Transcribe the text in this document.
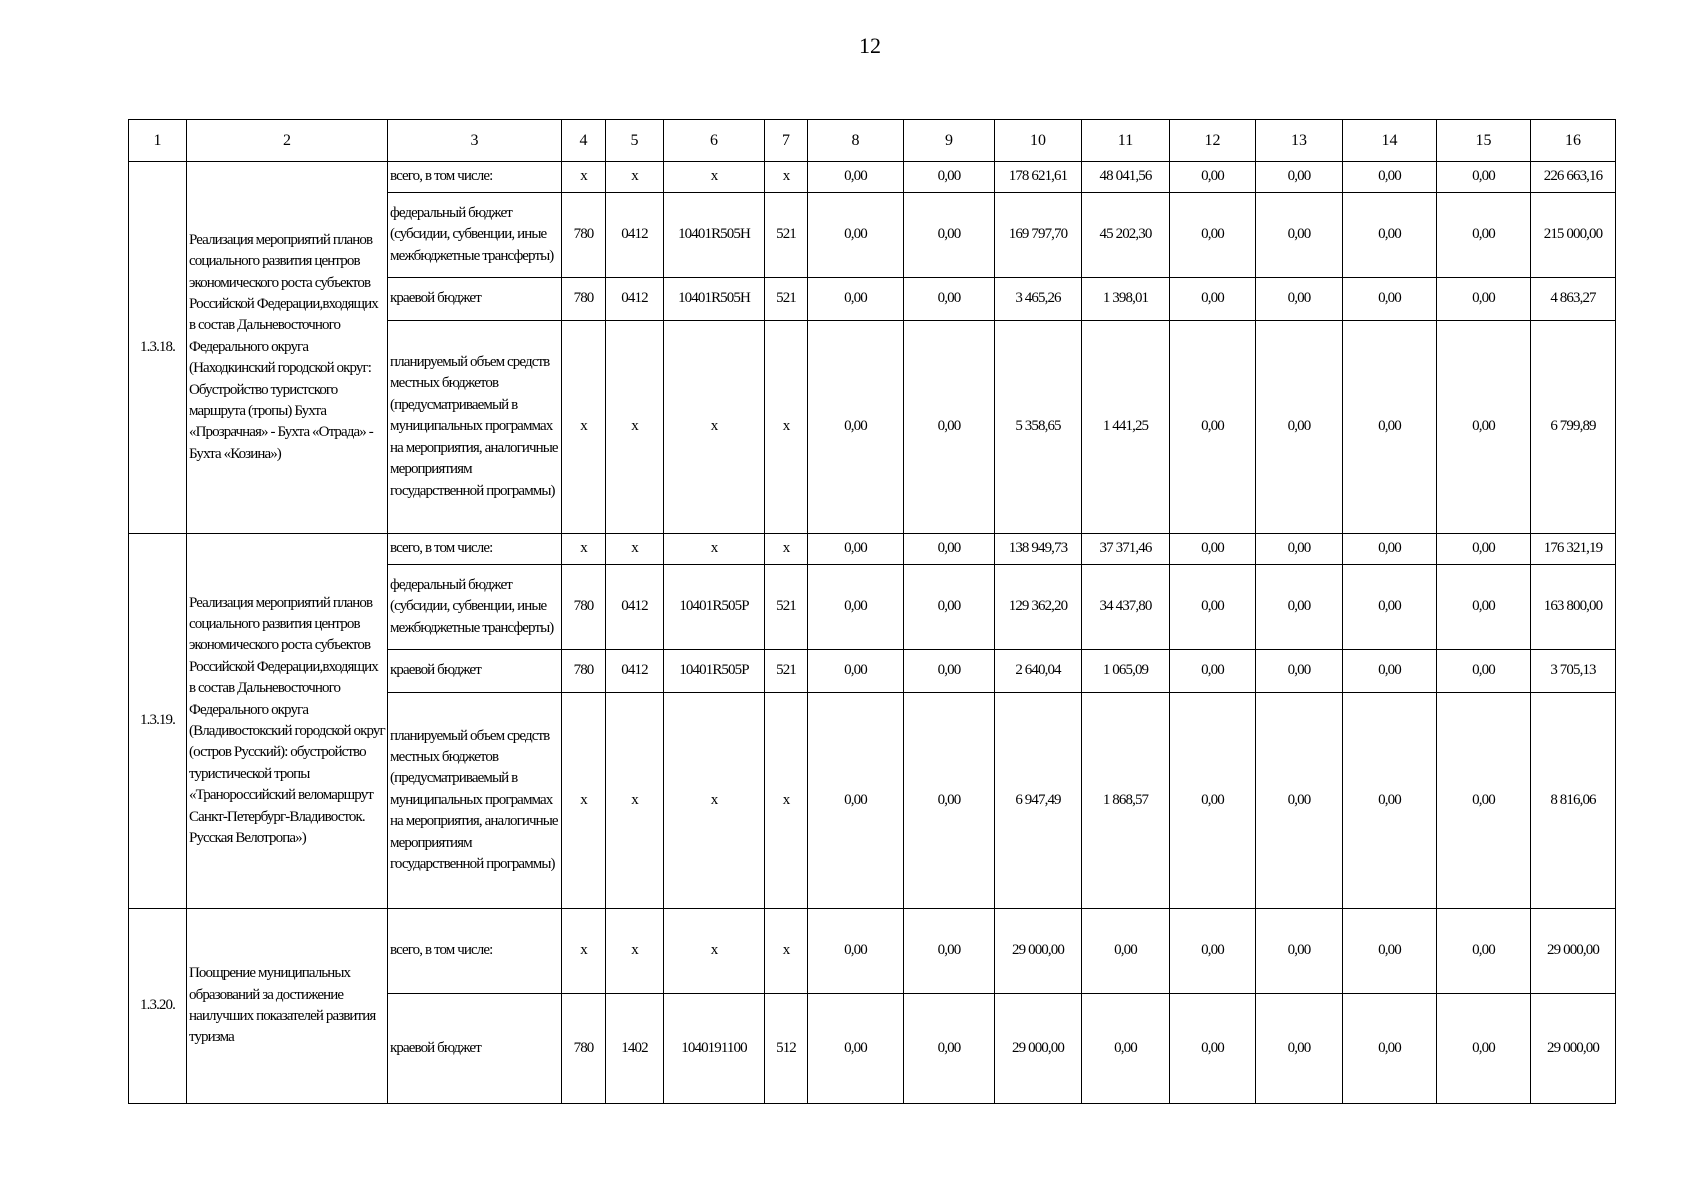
12
1	2	3	4	5	6	7	8	9	10	11	12	13	14	15	16
1.3.18.	Реализация мероприятий планов социального развития центров экономического роста субъектов Российской Федерации,входящих в состав Дальневосточного Федерального округа (Находкинский городской округ: Обустройство туристского маршрута (тропы) Бухта «Прозрачная» - Бухта «Отрада» - Бухта «Козина»)	всего, в том числе:	x	x	x	x	0,00	0,00	178 621,61	48 041,56	0,00	0,00	0,00	0,00	226 663,16
		федеральный бюджет (субсидии, субвенции, иные межбюджетные трансферты)	780	0412	10401R505H	521	0,00	0,00	169 797,70	45 202,30	0,00	0,00	0,00	0,00	215 000,00
		краевой бюджет	780	0412	10401R505H	521	0,00	0,00	3 465,26	1 398,01	0,00	0,00	0,00	0,00	4 863,27
		планируемый объем средств местных бюджетов (предусматриваемый в муниципальных программах на мероприятия, аналогичные мероприятиям государственной программы)	x	x	x	x	0,00	0,00	5 358,65	1 441,25	0,00	0,00	0,00	0,00	6 799,89
1.3.19.	Реализация мероприятий планов социального развития центров экономического роста субъектов Российской Федерации,входящих в состав Дальневосточного Федерального округа (Владивостокский городской округ (остров Русский): обустройство туристической тропы «Транороссийский веломаршрут Санкт-Петербург-Владивосток. Русская Велотропа»)	всего, в том числе:	x	x	x	x	0,00	0,00	138 949,73	37 371,46	0,00	0,00	0,00	0,00	176 321,19
		федеральный бюджет (субсидии, субвенции, иные межбюджетные трансферты)	780	0412	10401R505P	521	0,00	0,00	129 362,20	34 437,80	0,00	0,00	0,00	0,00	163 800,00
		краевой бюджет	780	0412	10401R505P	521	0,00	0,00	2 640,04	1 065,09	0,00	0,00	0,00	0,00	3 705,13
		планируемый объем средств местных бюджетов (предусматриваемый в муниципальных программах на мероприятия, аналогичные мероприятиям государственной программы)	x	x	x	x	0,00	0,00	6 947,49	1 868,57	0,00	0,00	0,00	0,00	8 816,06
1.3.20.	Поощрение муниципальных образований за достижение наилучших показателей развития туризма	всего, в том числе:	x	x	x	x	0,00	0,00	29 000,00	0,00	0,00	0,00	0,00	0,00	29 000,00
		краевой бюджет	780	1402	1040191100	512	0,00	0,00	29 000,00	0,00	0,00	0,00	0,00	0,00	29 000,00
